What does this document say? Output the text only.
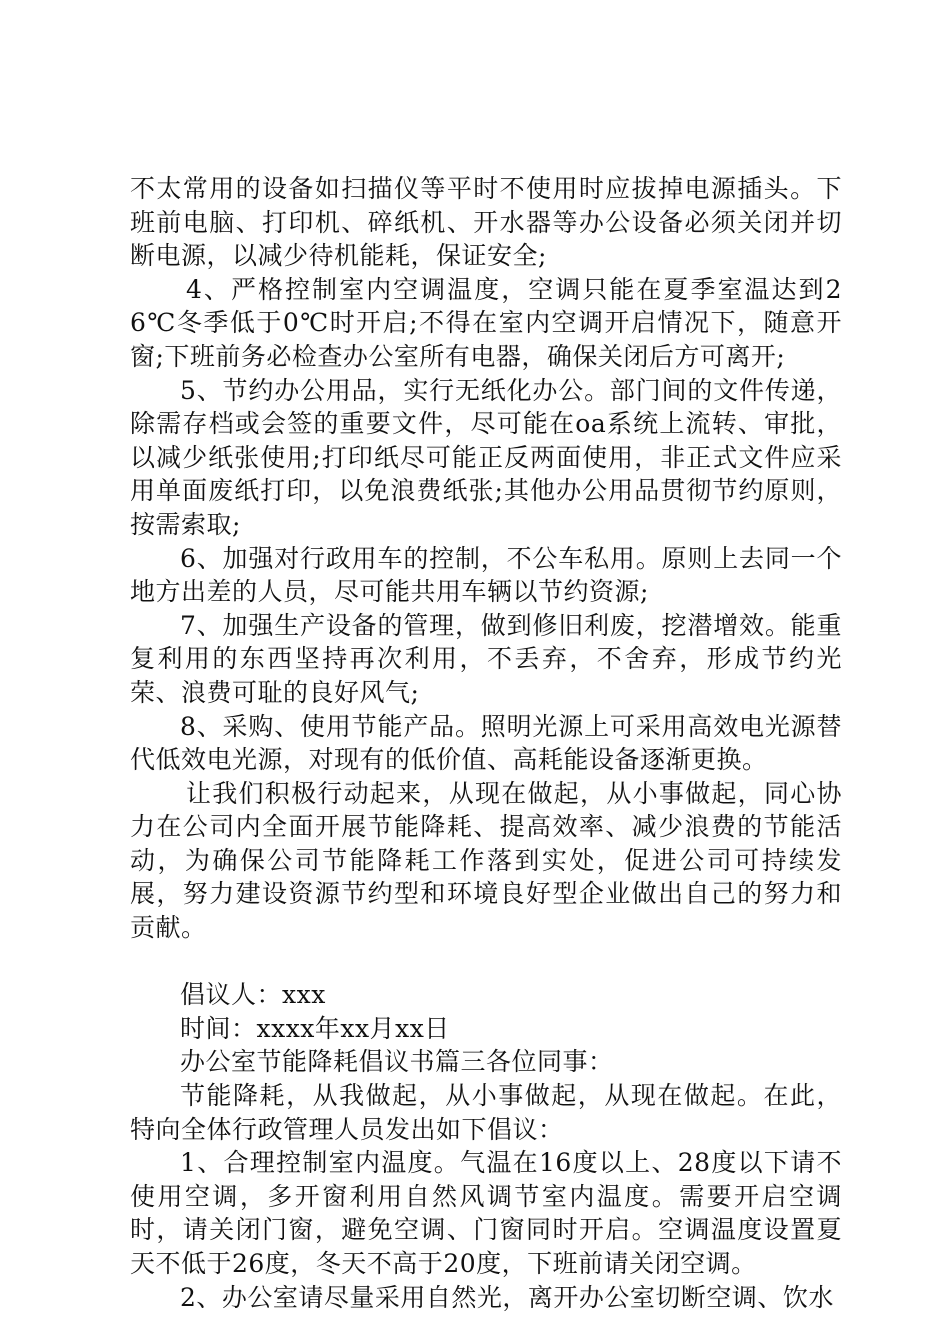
不太常用的设备如扫描仪等平时不使用时应拔掉电源插头。下班前电脑、打印机、碎纸机、开水器等办公设备必须关闭并切断电源，以减少待机能耗，保证安全;

4、严格控制室内空调温度，空调只能在夏季室温达到26℃冬季低于0℃时开启;不得在室内空调开启情况下，随意开窗;下班前务必检查办公室所有电器，确保关闭后方可离开;

5、节约办公用品，实行无纸化办公。部门间的文件传递，除需存档或会签的重要文件，尽可能在oa系统上流转、审批，以减少纸张使用;打印纸尽可能正反两面使用，非正式文件应采用单面废纸打印，以免浪费纸张;其他办公用品贯彻节约原则，按需索取;

6、加强对行政用车的控制，不公车私用。原则上去同一个地方出差的人员，尽可能共用车辆以节约资源;

7、加强生产设备的管理，做到修旧利废，挖潜增效。能重复利用的东西坚持再次利用，不丢弃，不舍弃，形成节约光荣、浪费可耻的良好风气;

8、采购、使用节能产品。照明光源上可采用高效电光源替代低效电光源，对现有的低价值、高耗能设备逐渐更换。

让我们积极行动起来，从现在做起，从小事做起，同心协力在公司内全面开展节能降耗、提高效率、减少浪费的节能活动，为确保公司节能降耗工作落到实处，促进公司可持续发展，努力建设资源节约型和环境良好型企业做出自己的努力和贡献。

倡议人：xxx

时间：xxxx年xx月xx日

办公室节能降耗倡议书篇三各位同事：

节能降耗，从我做起，从小事做起，从现在做起。在此，特向全体行政管理人员发出如下倡议：

1、合理控制室内温度。气温在16度以上、28度以下请不使用空调，多开窗利用自然风调节室内温度。需要开启空调时，请关闭门窗，避免空调、门窗同时开启。空调温度设置夏天不低于26度，冬天不高于20度，下班前请关闭空调。

2、办公室请尽量采用自然光，离开办公室切断空调、饮水
